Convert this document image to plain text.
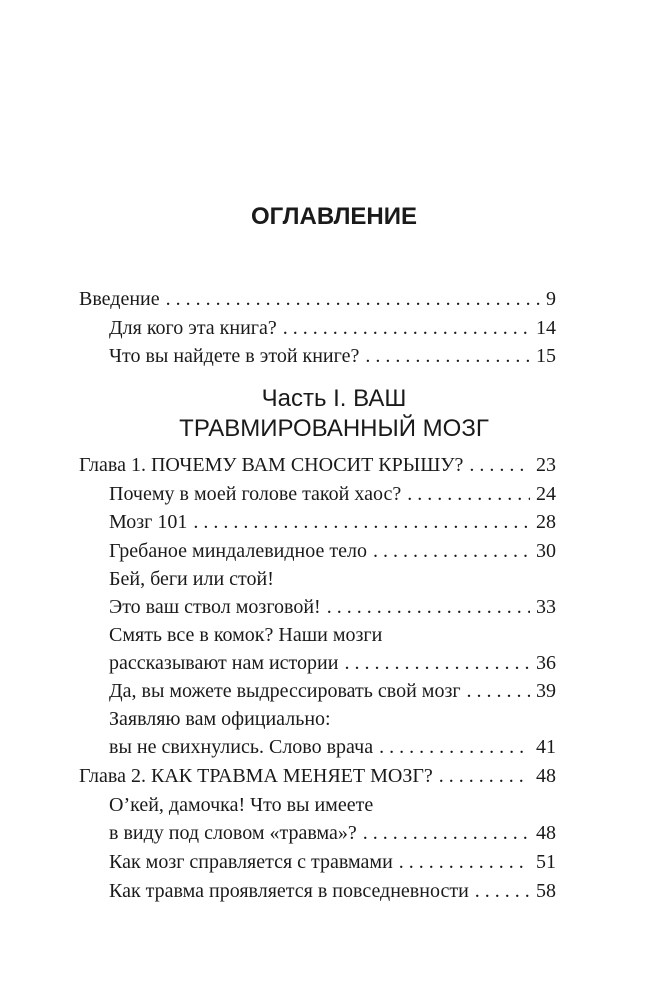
ОГЛАВЛЕНИЕ
Введение . . .	9
Для кого эта книга? . . .	14
Что вы найдете в этой книге? . . .	15
Часть I. ВАШ
ТРАВМИРОВАННЫЙ МОЗГ
Глава 1. ПОЧЕМУ ВАМ СНОСИТ КРЫШУ? . . .	23
Почему в моей голове такой хаос? . . .	24
Мозг 101 . . .	28
Гребаное миндалевидное тело . . .	30
Бей, беги или стой!
Это ваш ствол мозговой! . . .	33
Смять все в комок? Наши мозги
рассказывают нам истории . . .	36
Да, вы можете выдрессировать свой мозг . . .	39
Заявляю вам официально:
вы не свихнулись. Слово врача . . .	41
Глава 2. КАК ТРАВМА МЕНЯЕТ МОЗГ? . . .	48
О’кей, дамочка! Что вы имеете
в виду под словом «травма»? . . .	48
Как мозг справляется с травмами . . .	51
Как травма проявляется в повседневности . . .	58
